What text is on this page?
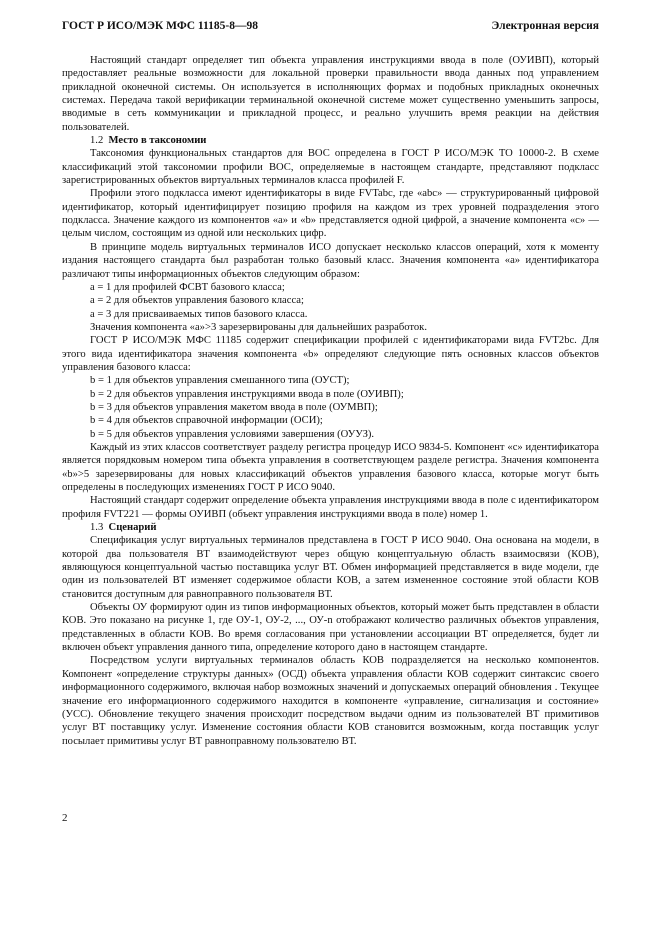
ГОСТ Р ИСО/МЭК МФС 11185-8—98	Электронная версия

Настоящий стандарт определяет тип объекта управления инструкциями ввода в поле (ОУИВП), который предоставляет реальные возможности для локальной проверки правильности ввода данных под управлением прикладной оконечной системы. Он используется в исполняющих формах и подобных прикладных оконечных системах. Передача такой верификации терминальной оконечной системе может существенно уменьшить запросы, вводимые в сеть коммуникации и прикладной процесс, и реально улучшить время реакции на действия пользователей.

1.2 Место в таксономии

Таксономия функциональных стандартов для ВОС определена в ГОСТ Р ИСО/МЭК ТО 10000-2. В схеме классификаций этой таксономии профили ВОС, определяемые в настоящем стандарте, представляют подкласс зарегистрированных объектов виртуальных терминалов класса профилей F.

Профили этого подкласса имеют идентификаторы в виде FVTabc, где «abc» — структурированный цифровой идентификатор, который идентифицирует позицию профиля на каждом из трех уровней подразделения этого подкласса. Значение каждого из компонентов «а» и «b» представляется одной цифрой, а значение компонента «с» — целым числом, состоящим из одной или нескольких цифр.

В принципе модель виртуальных терминалов ИСО допускает несколько классов операций, хотя к моменту издания настоящего стандарта был разработан только базовый класс. Значения компонента «а» идентификатора различают типы информационных объектов следующим образом:

а = 1 для профилей ФСВТ базового класса;

а = 2 для объектов управления базового класса;

а = 3 для присваиваемых типов базового класса.

Значения компонента «а»>3 зарезервированы для дальнейших разработок.

ГОСТ Р ИСО/МЭК МФС 11185 содержит спецификации профилей с идентификаторами вида FVT2bc. Для этого вида идентификатора значения компонента «b» определяют следующие пять основных классов объектов управления базового класса:

b = 1 для объектов управления смешанного типа (ОУСТ);

b = 2 для объектов управления инструкциями ввода в поле (ОУИВП);

b = 3 для объектов управления макетом ввода в поле (ОУМВП);

b = 4 для объектов справочной информации (ОСИ);

b = 5 для объектов управления условиями завершения (ОУУЗ).

Каждый из этих классов соответствует разделу регистра процедур ИСО 9834-5. Компонент «с» идентификатора является порядковым номером типа объекта управления в соответствующем разделе регистра. Значения компонента «b»>5 зарезервированы для новых классификаций объектов управления базового класса, которые могут быть определены в последующих изменениях ГОСТ Р ИСО 9040.

Настоящий стандарт содержит определение объекта управления инструкциями ввода в поле с идентификатором профиля FVT221 — формы ОУИВП (объект управления инструкциями ввода в поле) номер 1.

1.3 Сценарий

Спецификация услуг виртуальных терминалов представлена в ГОСТ Р ИСО 9040. Она основана на модели, в которой два пользователя ВТ взаимодействуют через общую концептуальную область взаимосвязи (КОВ), являющуюся концептуальной частью поставщика услуг ВТ. Обмен информацией представляется в виде модели, где один из пользователей ВТ изменяет содержимое области КОВ, а затем измененное состояние этой области КОВ становится доступным для равноправного пользователя ВТ.

Объекты ОУ формируют один из типов информационных объектов, который может быть представлен в области КОВ. Это показано на рисунке 1, где ОУ-1, ОУ-2, ..., ОУ-n отображают количество различных объектов управления, представленных в области КОВ. Во время согласования при установлении ассоциации ВТ определяется, будет ли включен объект управления данного типа, определение которого дано в настоящем стандарте.

Посредством услуги виртуальных терминалов область КОВ подразделяется на несколько компонентов. Компонент «определение структуры данных» (ОСД) объекта управления области КОВ содержит синтаксис своего информационного содержимого, включая набор возможных значений и допускаемых операций обновления . Текущее значение его информационного содержимого находится в компоненте «управление, сигнализация и состояние» (УСС). Обновление текущего значения происходит посредством выдачи одним из пользователей ВТ примитивов услуг ВТ поставщику услуг. Изменение состояния области КОВ становится возможным, когда поставщик услуг посылает примитивы услуг ВТ равноправному пользователю ВТ.

2
